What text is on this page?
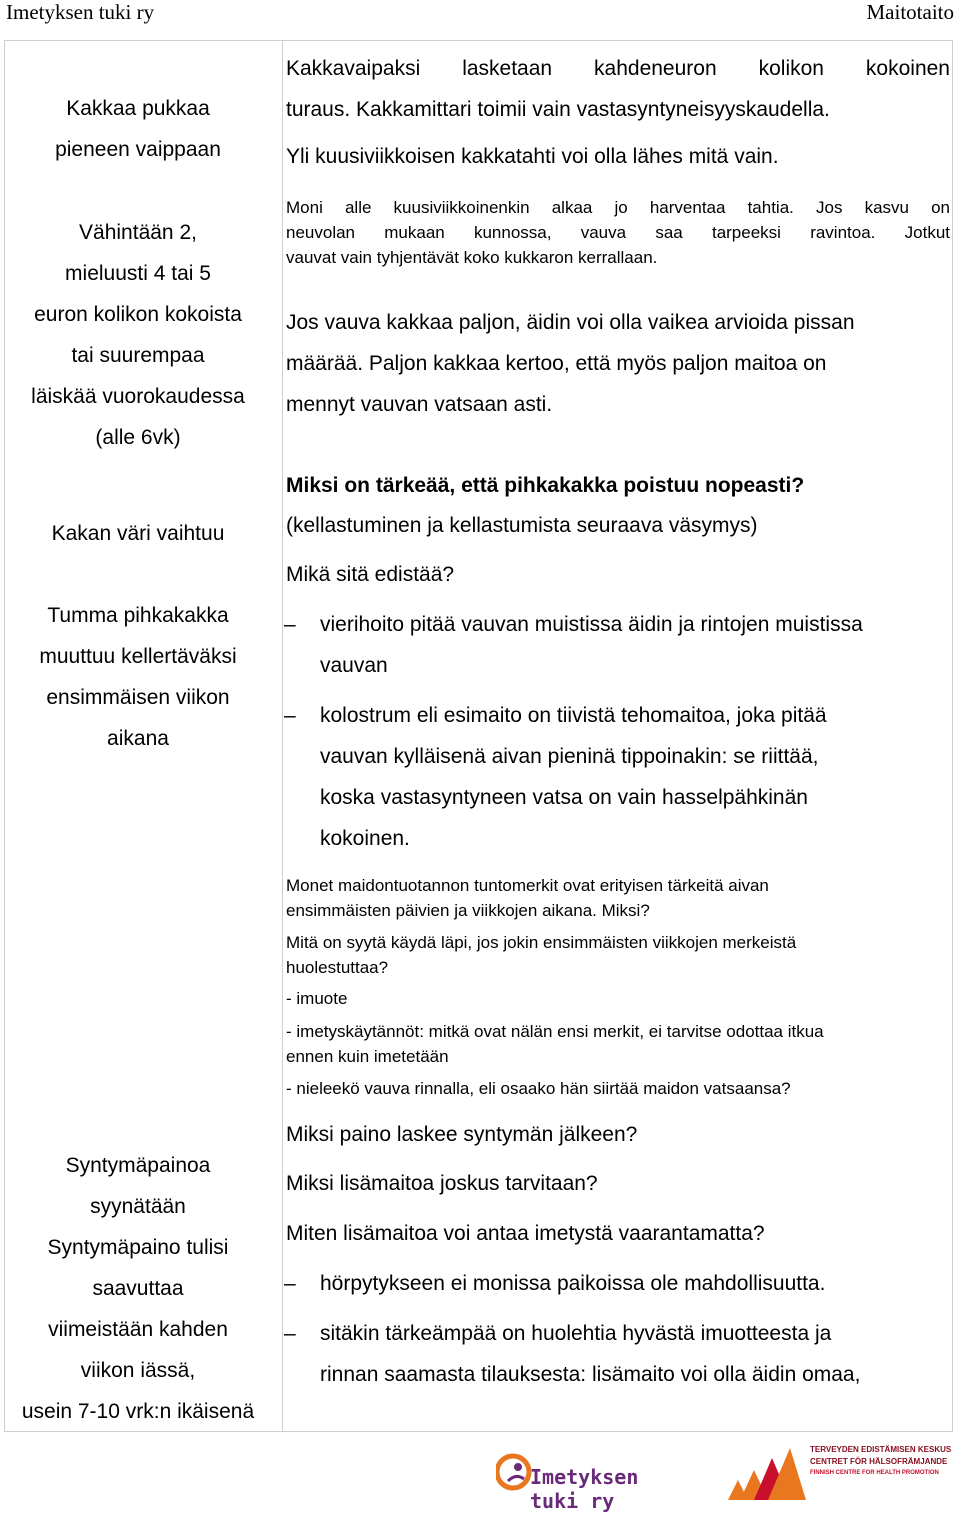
Imetyksen tuki ry	Maitotaito
Kakkaa pukkaa
pieneen vaippaan
Vähintään 2,
mieluusti 4 tai 5
euron kolikon kokoista
tai suurempaa
läiskää vuorokaudessa
(alle 6vk)
Kakan väri vaihtuu
Tumma pihkakakka
muuttuu kellertäväksi
ensimmäisen viikon
aikana
Syntymäpainoa
syynätään
Syntymäpaino tulisi
saavuttaa
viimeistään kahden
viikon iässä,
usein 7-10 vrk:n ikäisenä
Kakkavaipaksi lasketaan kahdeneuron kolikon kokoinen
turaus. Kakkamittari toimii vain vastasyntyneisyyskaudella.
Yli kuusiviikkoisen kakkatahti voi olla lähes mitä vain.
Moni alle kuusiviikkoinenkin alkaa jo harventaa tahtia. Jos kasvu on
neuvolan mukaan kunnossa, vauva saa tarpeeksi ravintoa. Jotkut
vauvat vain tyhjentävät koko kukkaron kerrallaan.
Jos vauva kakkaa paljon, äidin voi olla vaikea arvioida pissan
määrää. Paljon kakkaa kertoo, että myös paljon maitoa on
mennyt vauvan vatsaan asti.
Miksi on tärkeää, että pihkakakka poistuu nopeasti?
(kellastuminen ja kellastumista seuraava väsymys)
Mikä sitä edistää?
– vierihoito pitää vauvan muistissa äidin ja rintojen muistissa
vauvan
– kolostrum eli esimaito on tiivistä tehomaitoa, joka pitää
vauvan kylläisenä aivan pieninä tippoinakin: se riittää,
koska vastasyntyneen vatsa on vain hasselpähkinän
kokoinen.
Monet maidontuotannon tuntomerkit ovat erityisen tärkeitä aivan
ensimmäisten päivien ja viikkojen aikana. Miksi?
Mitä on syytä käydä läpi, jos jokin ensimmäisten viikkojen merkeistä
huolestuttaa?
- imuote
- imetyskäytännöt: mitkä ovat nälän ensi merkit, ei tarvitse odottaa itkua
ennen kuin imetetään
- nieleekö vauva rinnalla, eli osaako hän siirtää maidon vatsaansa?
Miksi paino laskee syntymän jälkeen?
Miksi lisämaitoa joskus tarvitaan?
Miten lisämaitoa voi antaa imetystä vaarantamatta?
– hörpytykseen ei monissa paikoissa ole mahdollisuutta.
– sitäkin tärkeämpää on huolehtia hyvästä imuotteesta ja
rinnan saamasta tilauksesta: lisämaito voi olla äidin omaa,
Imetyksen tuki ry
TERVEYDEN EDISTÄMISEN KESKUS
CENTRET FÖR HÄLSOFRÄMJANDE
FINNISH CENTRE FOR HEALTH PROMOTION
